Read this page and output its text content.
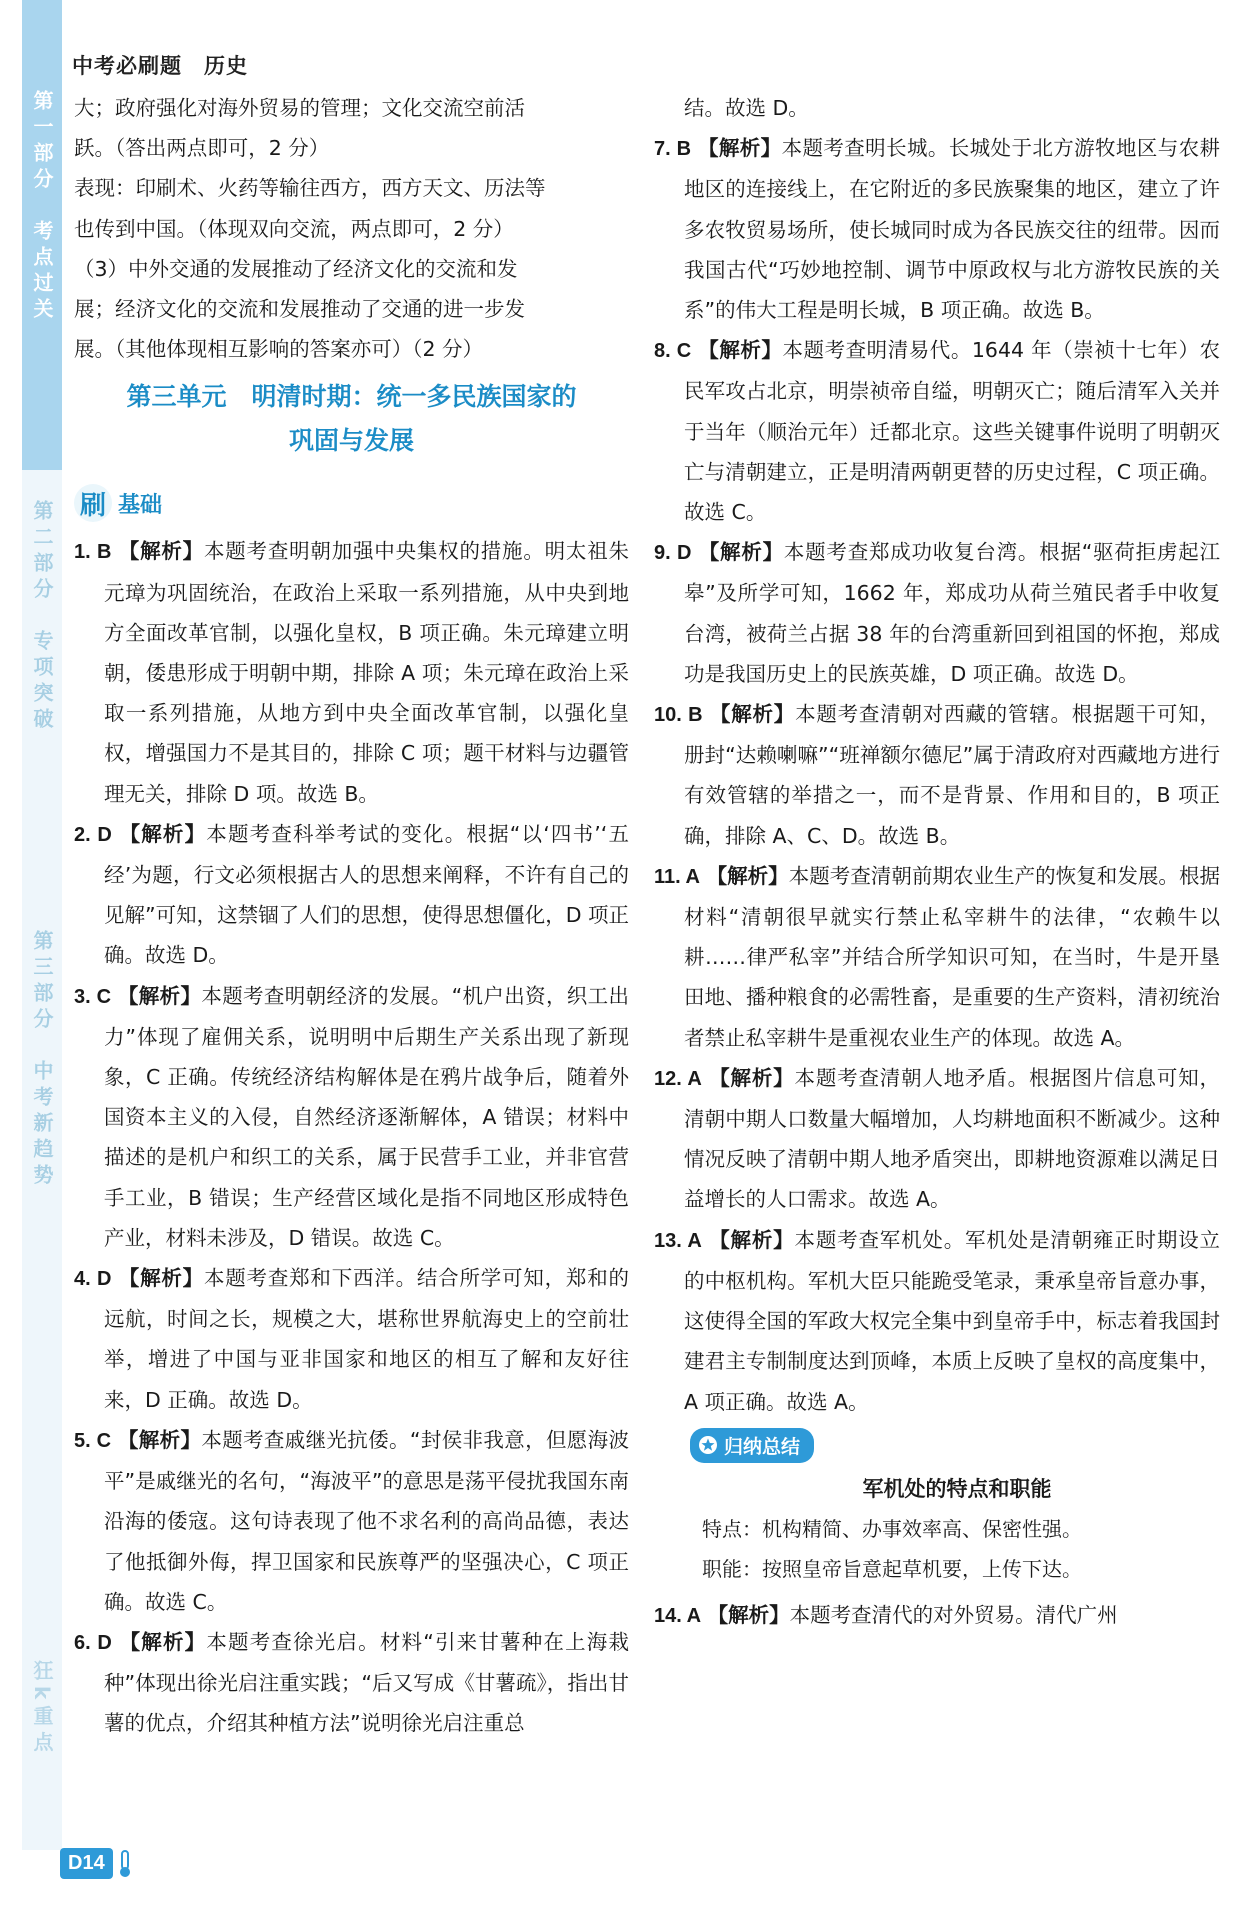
第一部分　考点过关
第二部分　专项突破
第三部分　中考新趋势
狂k重点
中考必刷题　历史

大；政府强化对海外贸易的管理；文化交流空前活

跃。（答出两点即可，2 分）

表现：印刷术、火药等输往西方，西方天文、历法等

也传到中国。（体现双向交流，两点即可，2 分）

（3）中外交通的发展推动了经济文化的交流和发

展；经济文化的交流和发展推动了交通的进一步发

展。（其他体现相互影响的答案亦可）（2 分）

第三单元　明清时期：统一多民族国家的
巩固与发展
刷 基础
1. B 【解析】本题考查明朝加强中央集权的措施。明太祖朱元璋为巩固统治，在政治上采取一系列措施，从中央到地方全面改革官制，以强化皇权，B 项正确。朱元璋建立明朝，倭患形成于明朝中期，排除 A 项；朱元璋在政治上采取一系列措施，从地方到中央全面改革官制，以强化皇权，增强国力不是其目的，排除 C 项；题干材料与边疆管理无关，排除 D 项。故选 B。
2. D 【解析】本题考查科举考试的变化。根据“以‘四书’‘五经’为题，行文必须根据古人的思想来阐释，不许有自己的见解”可知，这禁锢了人们的思想，使得思想僵化，D 项正确。故选 D。
3. C 【解析】本题考查明朝经济的发展。“机户出资，织工出力”体现了雇佣关系，说明明中后期生产关系出现了新现象，C 正确。传统经济结构解体是在鸦片战争后，随着外国资本主义的入侵，自然经济逐渐解体，A 错误；材料中描述的是机户和织工的关系，属于民营手工业，并非官营手工业，B 错误；生产经营区域化是指不同地区形成特色产业，材料未涉及，D 错误。故选 C。
4. D 【解析】本题考查郑和下西洋。结合所学可知，郑和的远航，时间之长，规模之大，堪称世界航海史上的空前壮举，增进了中国与亚非国家和地区的相互了解和友好往来，D 正确。故选 D。
5. C 【解析】本题考查戚继光抗倭。“封侯非我意，但愿海波平”是戚继光的名句，“海波平”的意思是荡平侵扰我国东南沿海的倭寇。这句诗表现了他不求名利的高尚品德，表达了他抵御外侮，捍卫国家和民族尊严的坚强决心，C 项正确。故选 C。
6. D 【解析】本题考查徐光启。材料“引来甘薯种在上海栽种”体现出徐光启注重实践；“后又写成《甘薯疏》，指出甘薯的优点，介绍其种植方法”说明徐光启注重总

结。故选 D。

7. B 【解析】本题考查明长城。长城处于北方游牧地区与农耕地区的连接线上，在它附近的多民族聚集的地区，建立了许多农牧贸易场所，使长城同时成为各民族交往的纽带。因而我国古代“巧妙地控制、调节中原政权与北方游牧民族的关系”的伟大工程是明长城，B 项正确。故选 B。
8. C 【解析】本题考查明清易代。1644 年（崇祯十七年）农民军攻占北京，明崇祯帝自缢，明朝灭亡；随后清军入关并于当年（顺治元年）迁都北京。这些关键事件说明了明朝灭亡与清朝建立，正是明清两朝更替的历史过程，C 项正确。故选 C。
9. D 【解析】本题考查郑成功收复台湾。根据“驱荷拒虏起江皋”及所学可知，1662 年，郑成功从荷兰殖民者手中收复台湾，被荷兰占据 38 年的台湾重新回到祖国的怀抱，郑成功是我国历史上的民族英雄，D 项正确。故选 D。
10. B 【解析】本题考查清朝对西藏的管辖。根据题干可知，册封“达赖喇嘛”“班禅额尔德尼”属于清政府对西藏地方进行有效管辖的举措之一，而不是背景、作用和目的，B 项正确，排除 A、C、D。故选 B。
11. A 【解析】本题考查清朝前期农业生产的恢复和发展。根据材料“清朝很早就实行禁止私宰耕牛的法律，“农赖牛以耕……律严私宰”并结合所学知识可知，在当时，牛是开垦田地、播种粮食的必需牲畜，是重要的生产资料，清初统治者禁止私宰耕牛是重视农业生产的体现。故选 A。
12. A 【解析】本题考查清朝人地矛盾。根据图片信息可知，清朝中期人口数量大幅增加，人均耕地面积不断减少。这种情况反映了清朝中期人地矛盾突出，即耕地资源难以满足日益增长的人口需求。故选 A。
13. A 【解析】本题考查军机处。军机处是清朝雍正时期设立的中枢机构。军机大臣只能跪受笔录，秉承皇帝旨意办事，这使得全国的军政大权完全集中到皇帝手中，标志着我国封建君主专制制度达到顶峰，本质上反映了皇权的高度集中，A 项正确。故选 A。
归纳总结
军机处的特点和职能
特点：机构精简、办事效率高、保密性强。
职能：按照皇帝旨意起草机要，上传下达。
14. A 【解析】本题考查清代的对外贸易。清代广州
D14
